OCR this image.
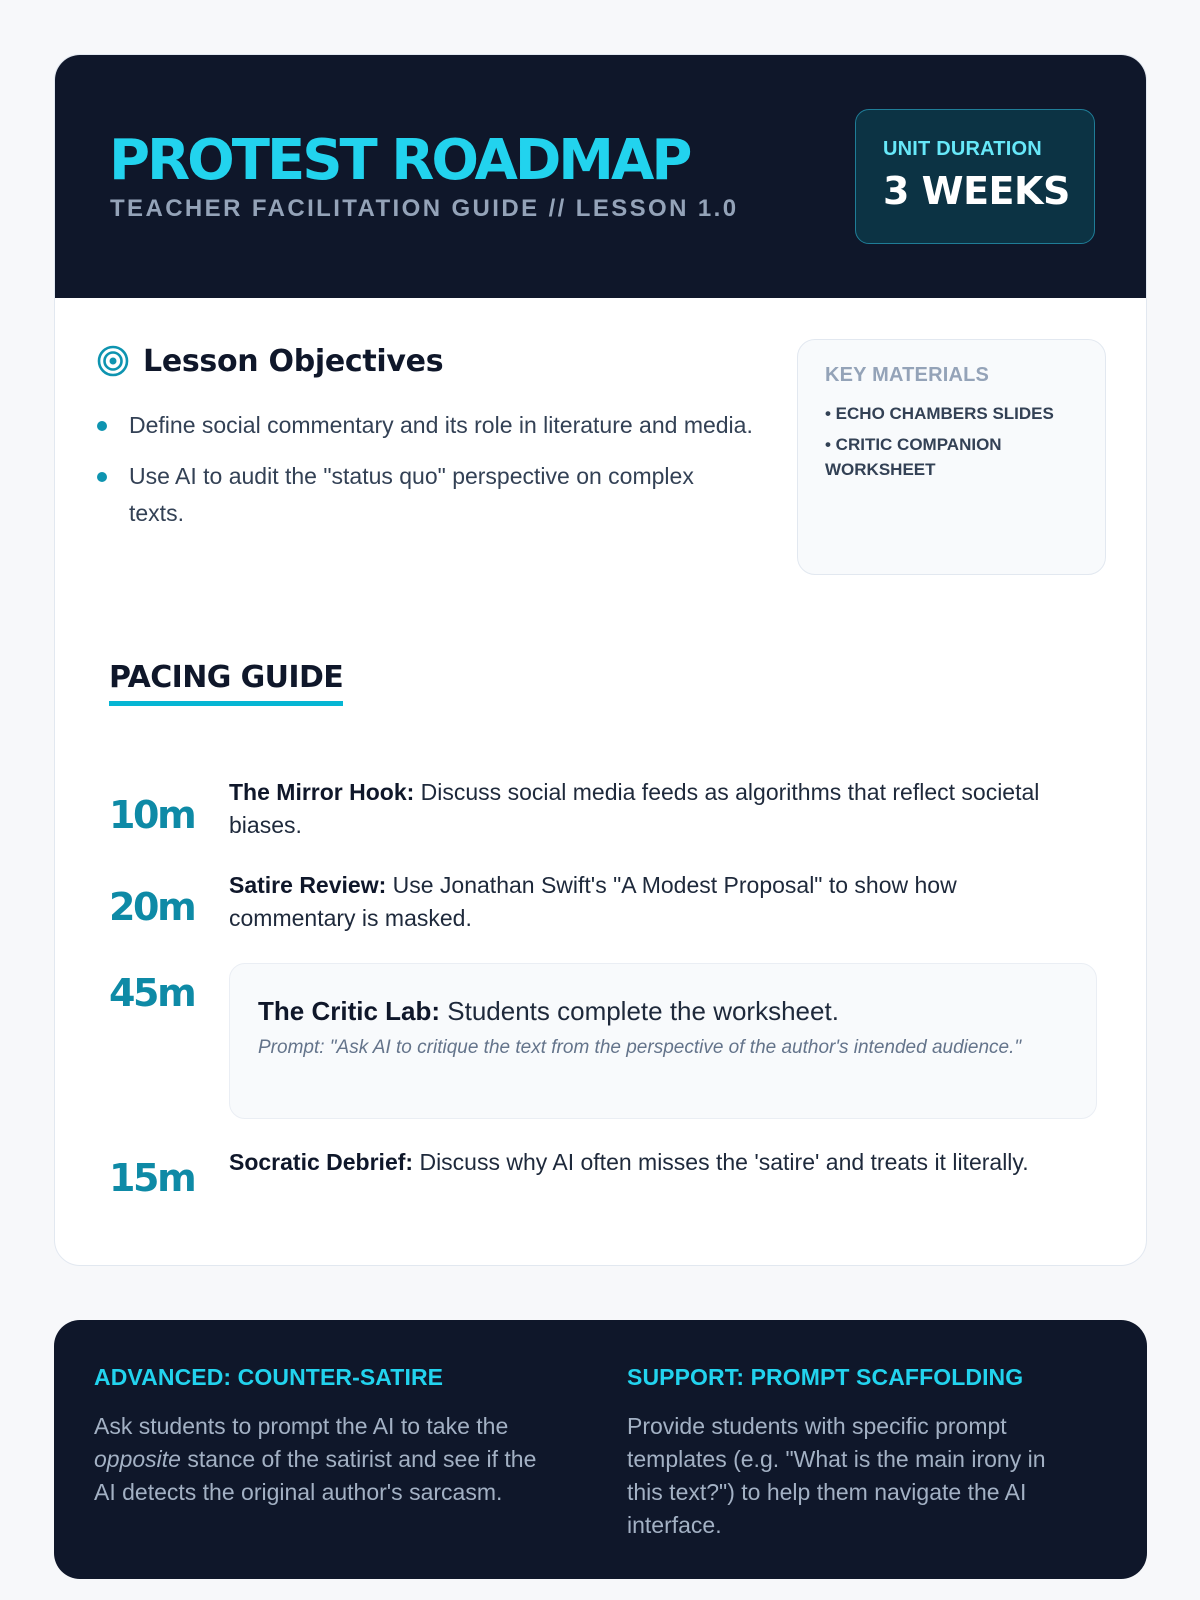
PROTEST ROADMAP
TEACHER FACILITATION GUIDE // LESSON 1.0
UNIT DURATION
3 WEEKS
Lesson Objectives
Define social commentary and its role in literature and media.
Use AI to audit the "status quo" perspective on complex texts.
KEY MATERIALS
• ECHO CHAMBERS SLIDES
• CRITIC COMPANION WORKSHEET
PACING GUIDE
10m
The Mirror Hook: Discuss social media feeds as algorithms that reflect societal biases.
20m Satire Review: Use Jonathan Swift's "A Modest Proposal" to show how commentary is masked.
45m The Critic Lab: Students complete the worksheet.
Prompt: "Ask AI to critique the text from the perspective of the author's intended audience."
15m Socratic Debrief: Discuss why AI often misses the 'satire' and treats it literally.
ADVANCED: COUNTER-SATIRE
Ask students to prompt the AI to take the opposite stance of the satirist and see if the AI detects the original author's sarcasm.
SUPPORT: PROMPT SCAFFOLDING
Provide students with specific prompt templates (e.g. "What is the main irony in this text?") to help them navigate the AI interface.
